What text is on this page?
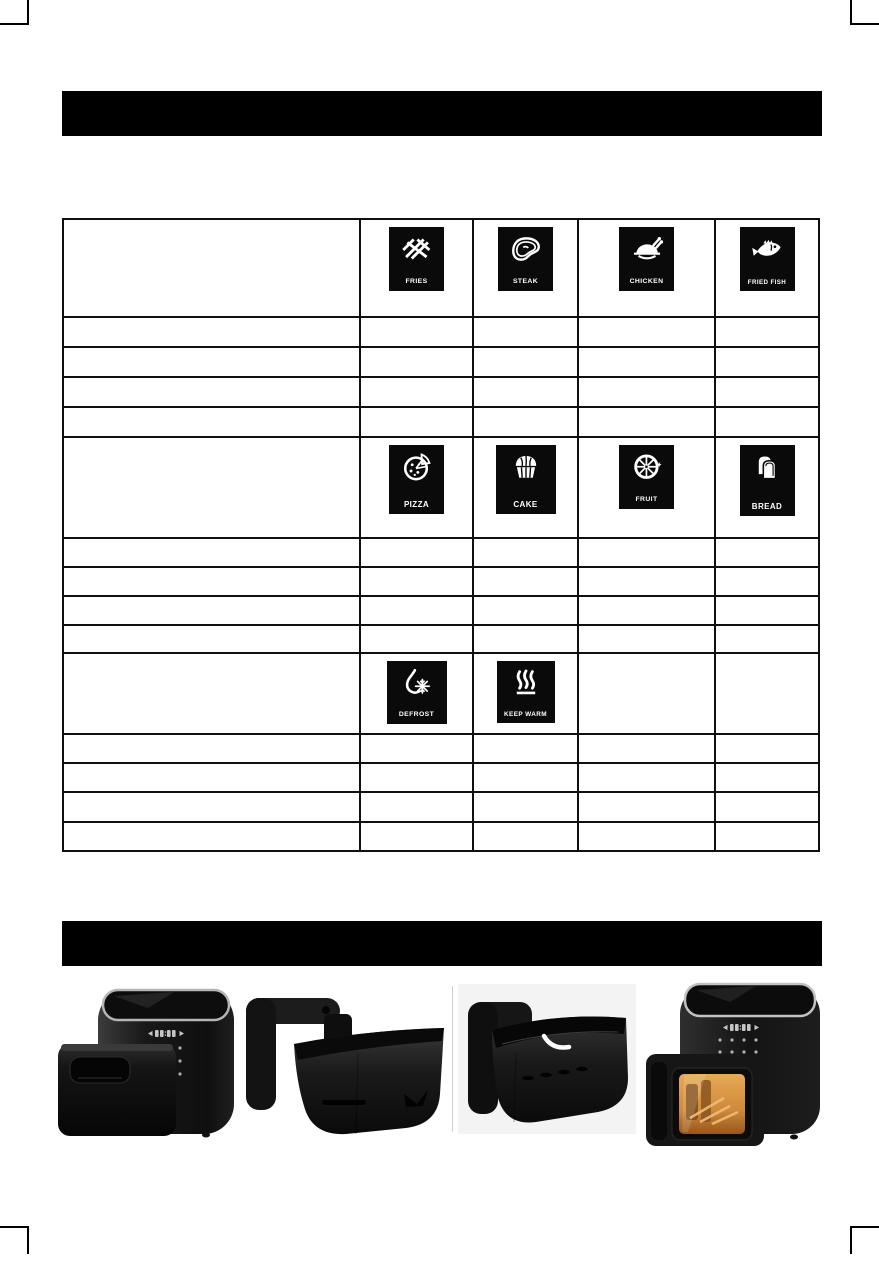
	FRIES	STEAK	CHICKEN	FRIED FISH

	PIZZA	CAKE	FRUIT	BREAD

	DEFROST	KEEP WARM		
